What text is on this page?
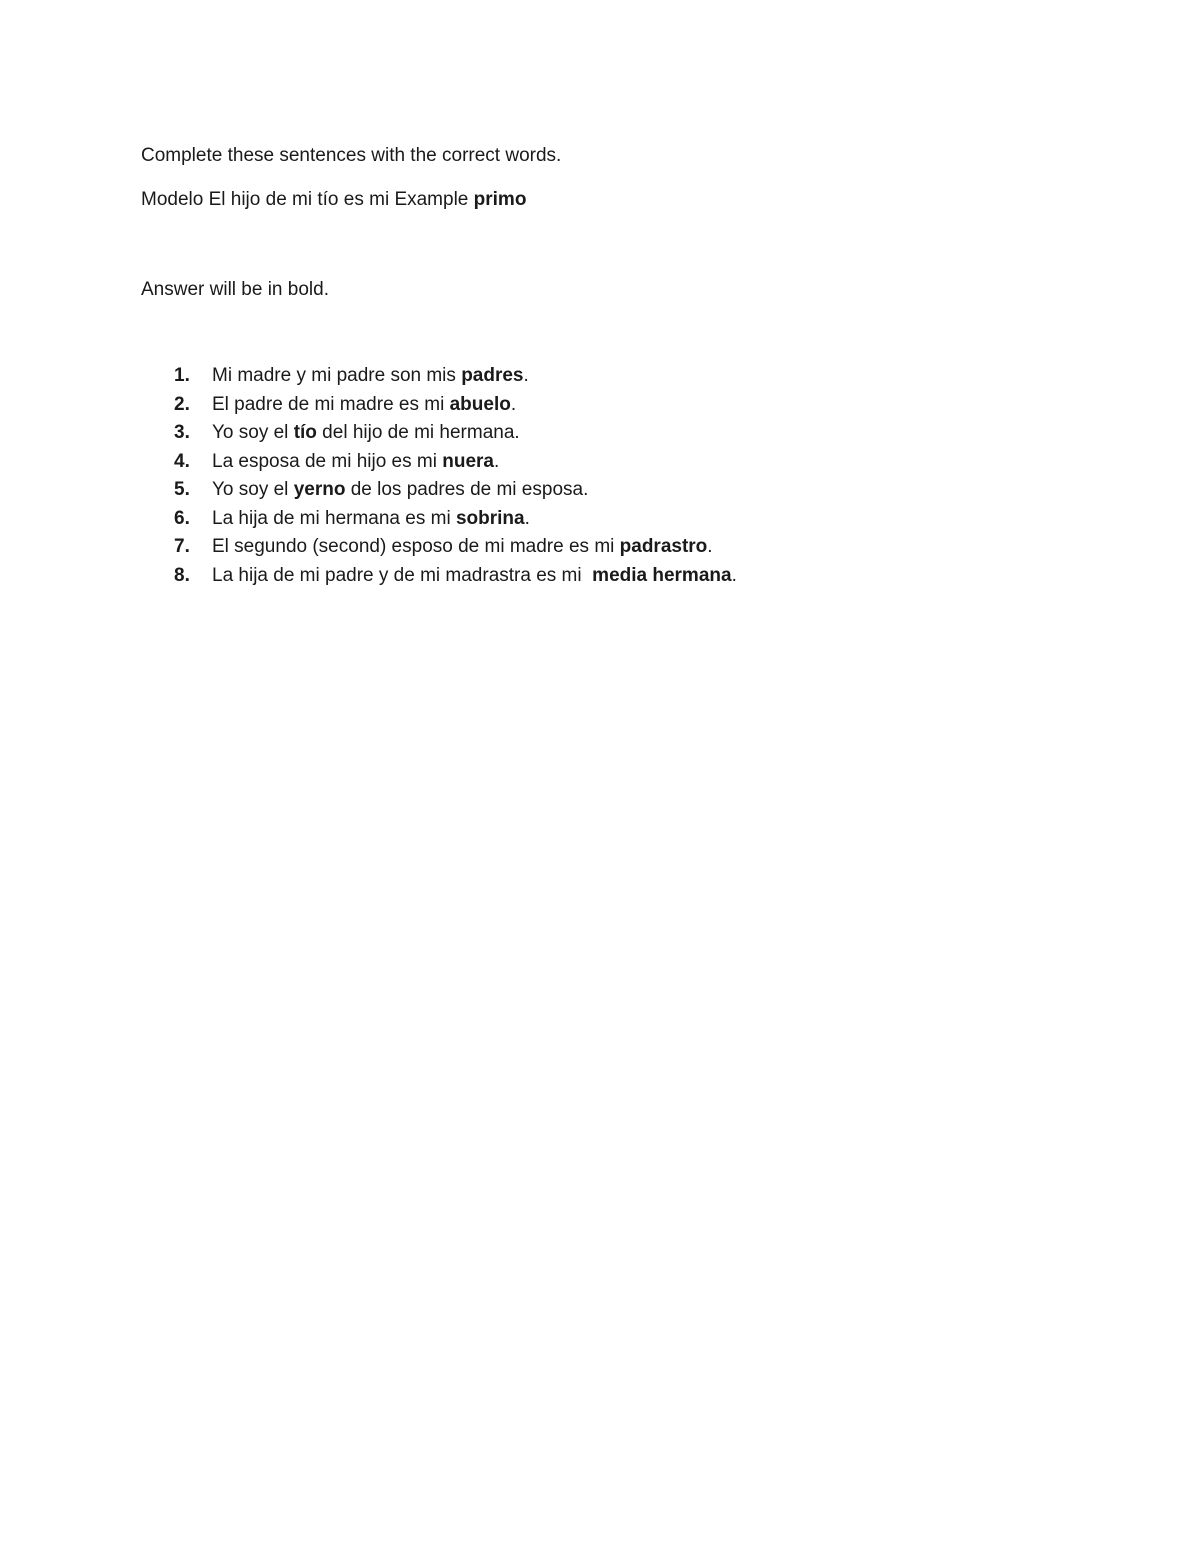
Complete these sentences with the correct words.
Modelo El hijo de mi tío es mi Example primo
Answer will be in bold.
1.	Mi madre y mi padre son mis padres.
2.	El padre de mi madre es mi abuelo.
3.	Yo soy el tío del hijo de mi hermana.
4.	La esposa de mi hijo es mi nuera.
5.	Yo soy el yerno de los padres de mi esposa.
6.	La hija de mi hermana es mi sobrina.
7.	El segundo (second) esposo de mi madre es mi padrastro.
8.	La hija de mi padre y de mi madrastra es mi  media hermana.
